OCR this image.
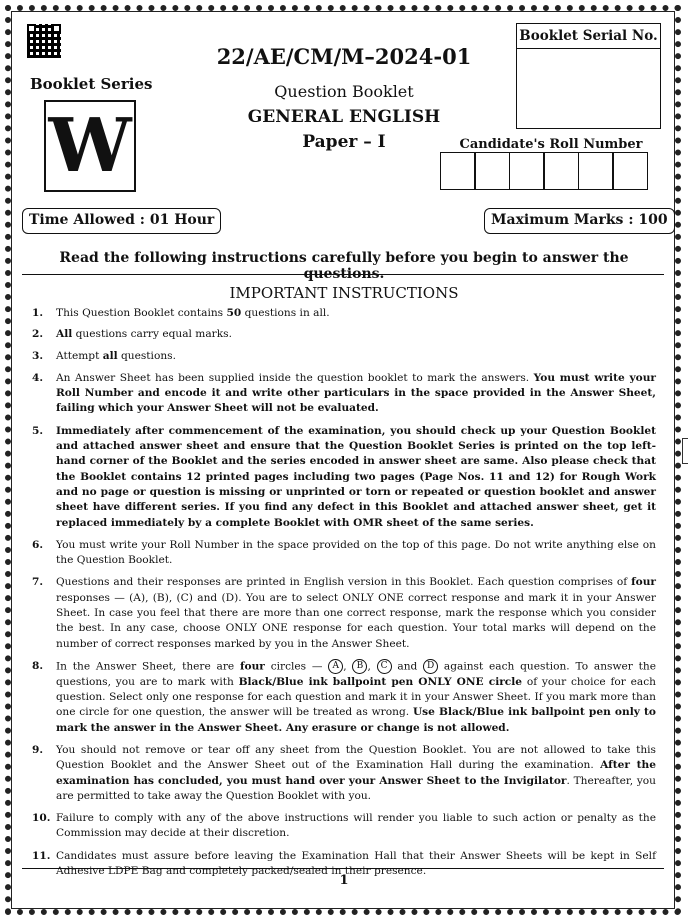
Booklet Series
W
22/AE/CM/M–2024-01
Question Booklet
GENERAL ENGLISH
Paper – I
Booklet Serial No.
Candidate's Roll Number
Time Allowed : 01 Hour	Maximum Marks : 100
Read the following instructions carefully before you begin to answer the questions.
IMPORTANT INSTRUCTIONS
1. This Question Booklet contains 50 questions in all.
2. All questions carry equal marks.
3. Attempt all questions.
4. An Answer Sheet has been supplied inside the question booklet to mark the answers. You must write your Roll Number and encode it and write other particulars in the space provided in the Answer Sheet, failing which your Answer Sheet will not be evaluated.
5. Immediately after commencement of the examination, you should check up your Question Booklet and attached answer sheet and ensure that the Question Booklet Series is printed on the top left-hand corner of the Booklet and the series encoded in answer sheet are same. Also please check that the Booklet contains 12 printed pages including two pages (Page Nos. 11 and 12) for Rough Work and no page or question is missing or unprinted or torn or repeated or question booklet and answer sheet have different series. If you find any defect in this Booklet and attached answer sheet, get it replaced immediately by a complete Booklet with OMR sheet of the same series.
6. You must write your Roll Number in the space provided on the top of this page. Do not write anything else on the Question Booklet.
7. Questions and their responses are printed in English version in this Booklet. Each question comprises of four responses — (A), (B), (C) and (D). You are to select ONLY ONE correct response and mark it in your Answer Sheet. In case you feel that there are more than one correct response, mark the response which you consider the best. In any case, choose ONLY ONE response for each question. Your total marks will depend on the number of correct responses marked by you in the Answer Sheet.
8. In the Answer Sheet, there are four circles — A , B , C and D against each question. To answer the questions, you are to mark with Black/Blue ink ballpoint pen ONLY ONE circle of your choice for each question. Select only one response for each question and mark it in your Answer Sheet. If you mark more than one circle for one question, the answer will be treated as wrong. Use Black/Blue ink ballpoint pen only to mark the answer in the Answer Sheet. Any erasure or change is not allowed.
9. You should not remove or tear off any sheet from the Question Booklet. You are not allowed to take this Question Booklet and the Answer Sheet out of the Examination Hall during the examination. After the examination has concluded, you must hand over your Answer Sheet to the Invigilator. Thereafter, you are permitted to take away the Question Booklet with you.
10. Failure to comply with any of the above instructions will render you liable to such action or penalty as the Commission may decide at their discretion.
11. Candidates must assure before leaving the Examination Hall that their Answer Sheets will be kept in Self Adhesive LDPE Bag and completely packed/sealed in their presence.
1
